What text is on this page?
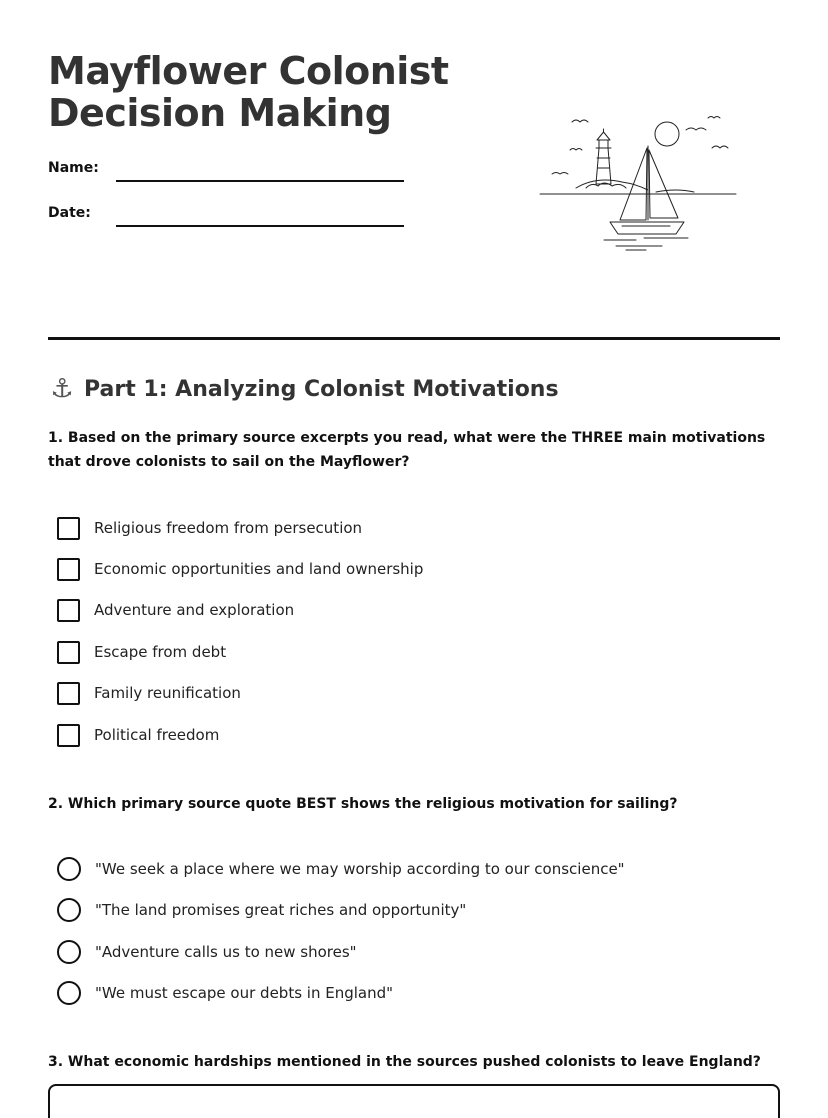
Mayflower Colonist
Decision Making
Name:
Date:
⚓ Part 1: Analyzing Colonist Motivations
1. Based on the primary source excerpts you read, what were the THREE main motivations that drove colonists to sail on the Mayflower?
Religious freedom from persecution
Economic opportunities and land ownership
Adventure and exploration
Escape from debt
Family reunification
Political freedom
2. Which primary source quote BEST shows the religious motivation for sailing?
"We seek a place where we may worship according to our conscience"
"The land promises great riches and opportunity"
"Adventure calls us to new shores"
"We must escape our debts in England"
3. What economic hardships mentioned in the sources pushed colonists to leave England?
